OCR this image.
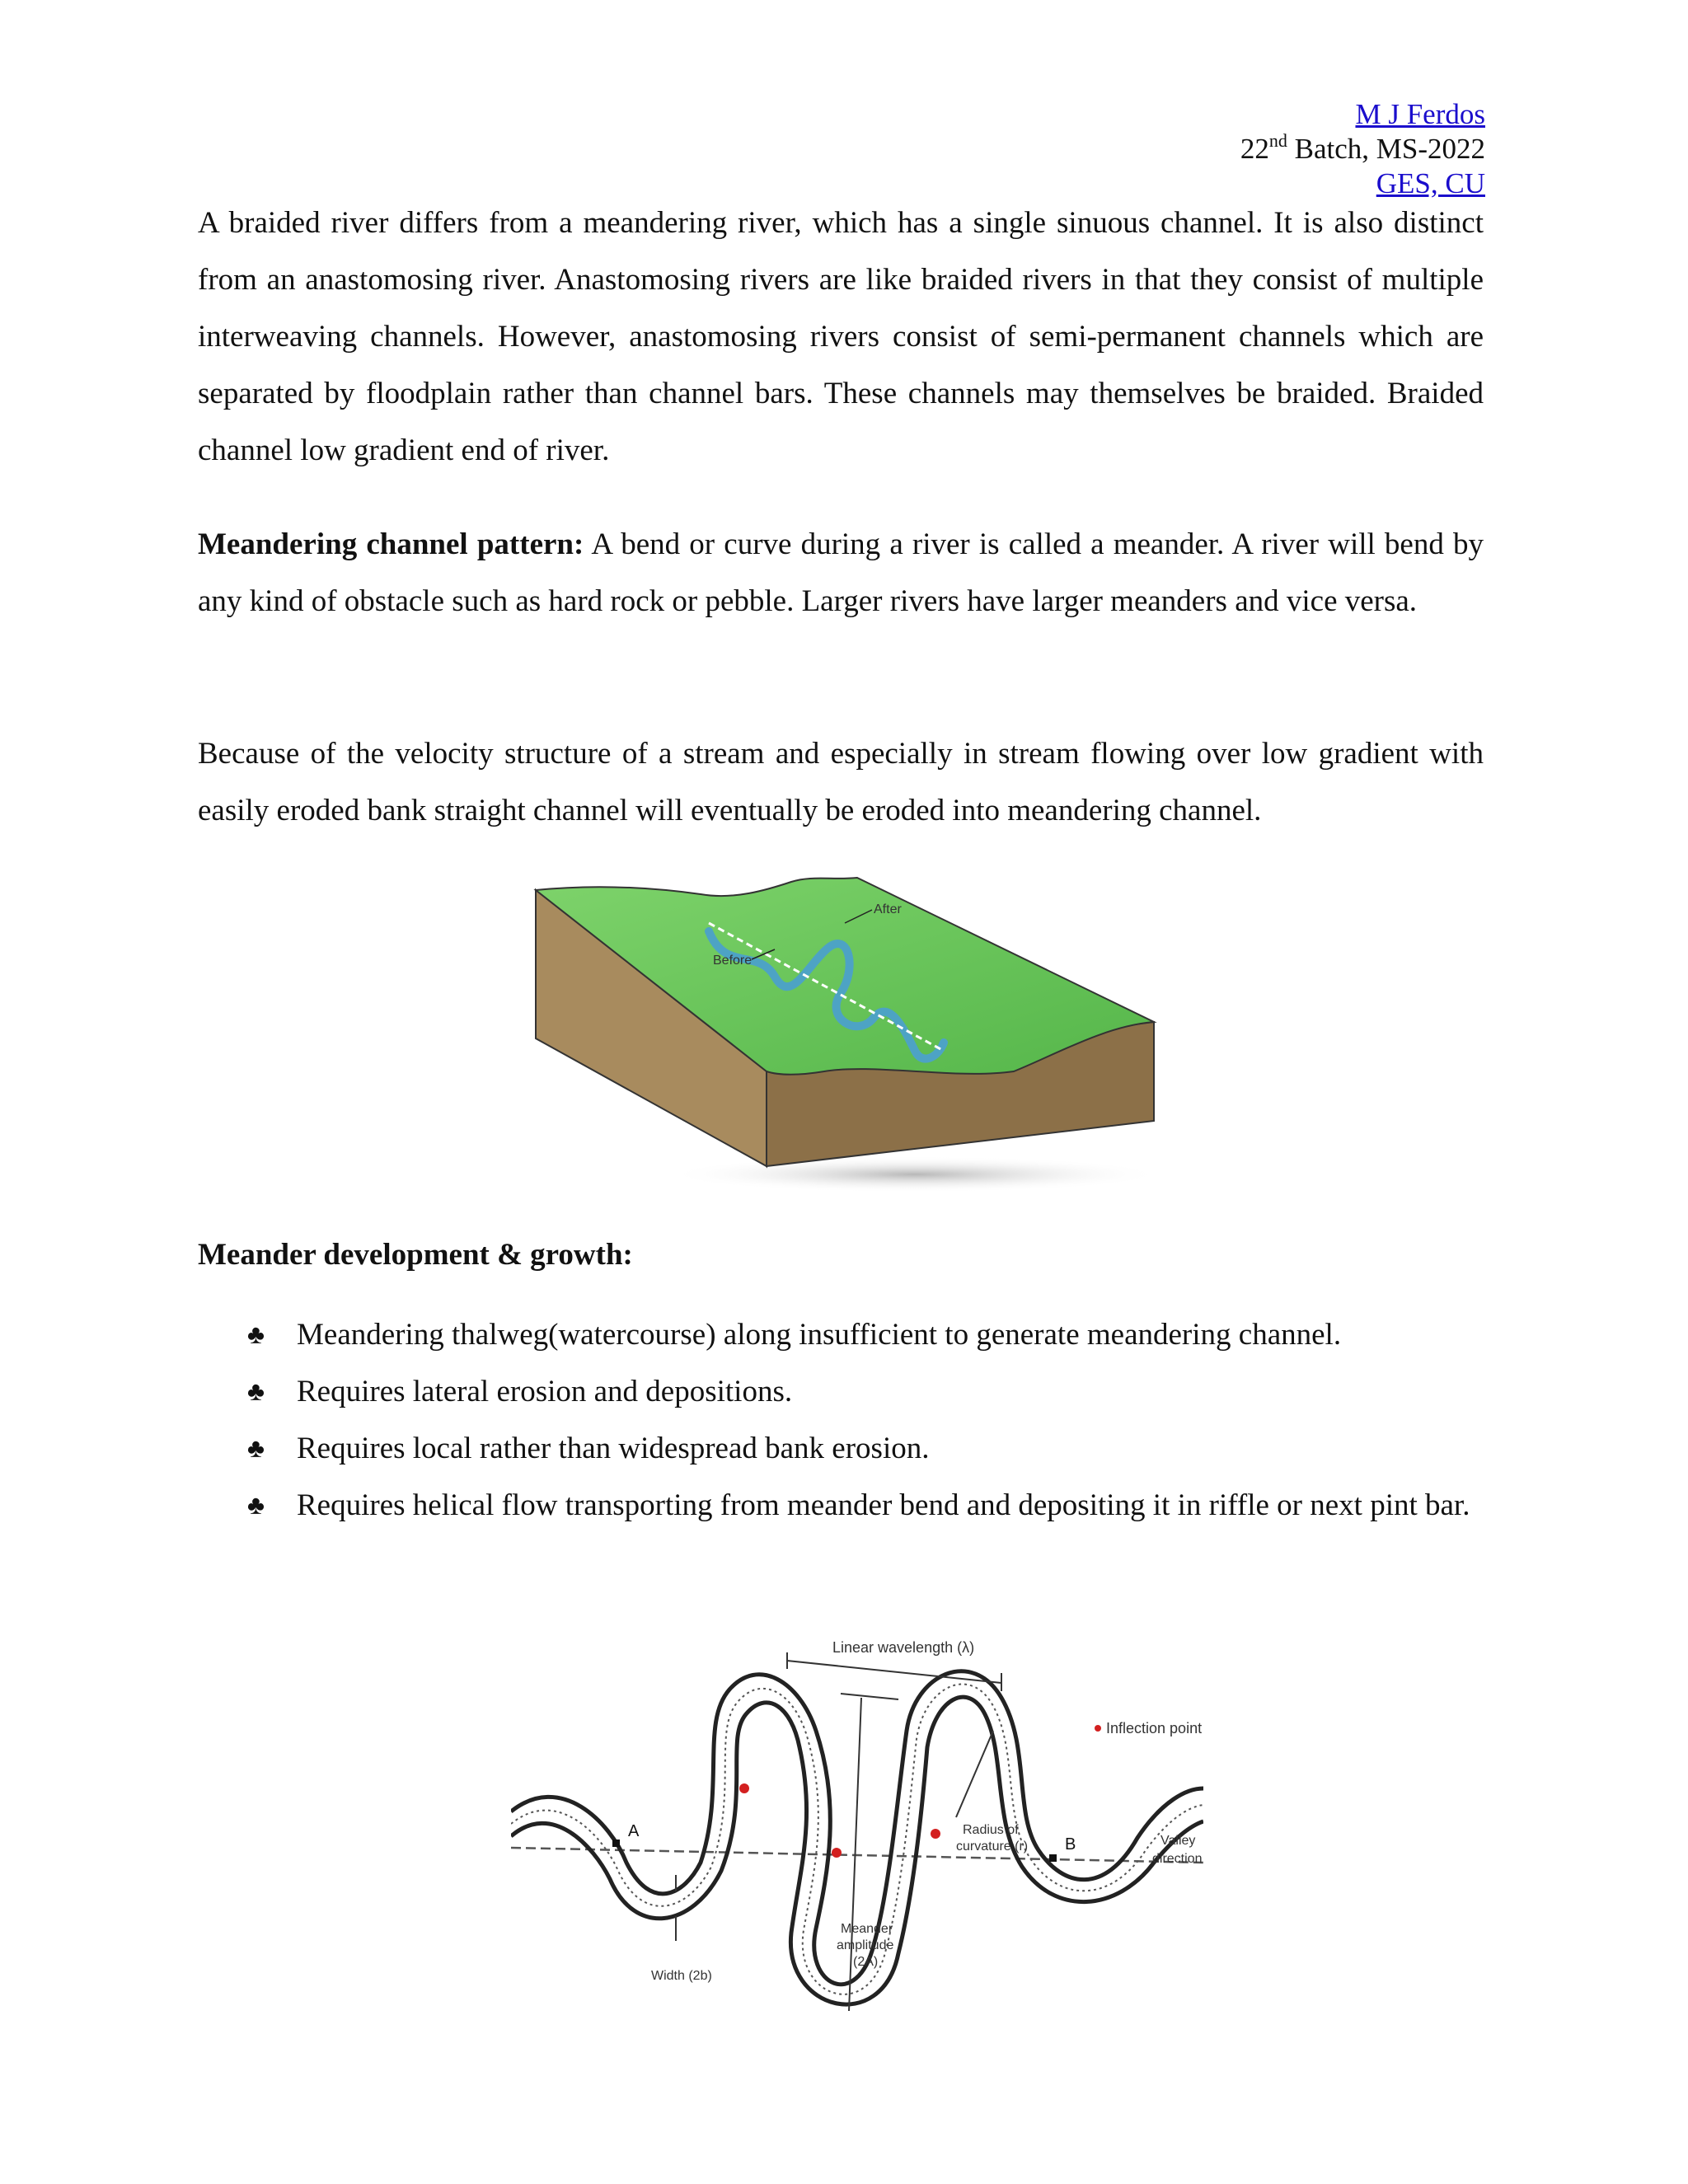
M J Ferdos
22nd Batch, MS-2022
GES, CU

A braided river differs from a meandering river, which has a single sinuous channel. It is also distinct from an anastomosing river. Anastomosing rivers are like braided rivers in that they consist of multiple interweaving channels. However, anastomosing rivers consist of semi-permanent channels which are separated by floodplain rather than channel bars. These channels may themselves be braided. Braided channel low gradient end of river.

Meandering channel pattern: A bend or curve during a river is called a meander. A river will bend by any kind of obstacle such as hard rock or pebble. Larger rivers have larger meanders and vice versa.

Because of the velocity structure of a stream and especially in stream flowing over low gradient with easily eroded bank straight channel will eventually be eroded into meandering channel.

Meander development & growth:
♣ Meandering thalweg(watercourse) along insufficient to generate meandering channel.
♣ Requires lateral erosion and depositions.
♣ Requires local rather than widespread bank erosion.
♣ Requires helical flow transporting from meander bend and depositing it in riffle or next pint bar.
After
Before
Inflection point
A
B
Linear wavelength (λ)
Meander
amplitude
(2A)
Radius of
curvature (r)	Valley
direction
Width (2b)
